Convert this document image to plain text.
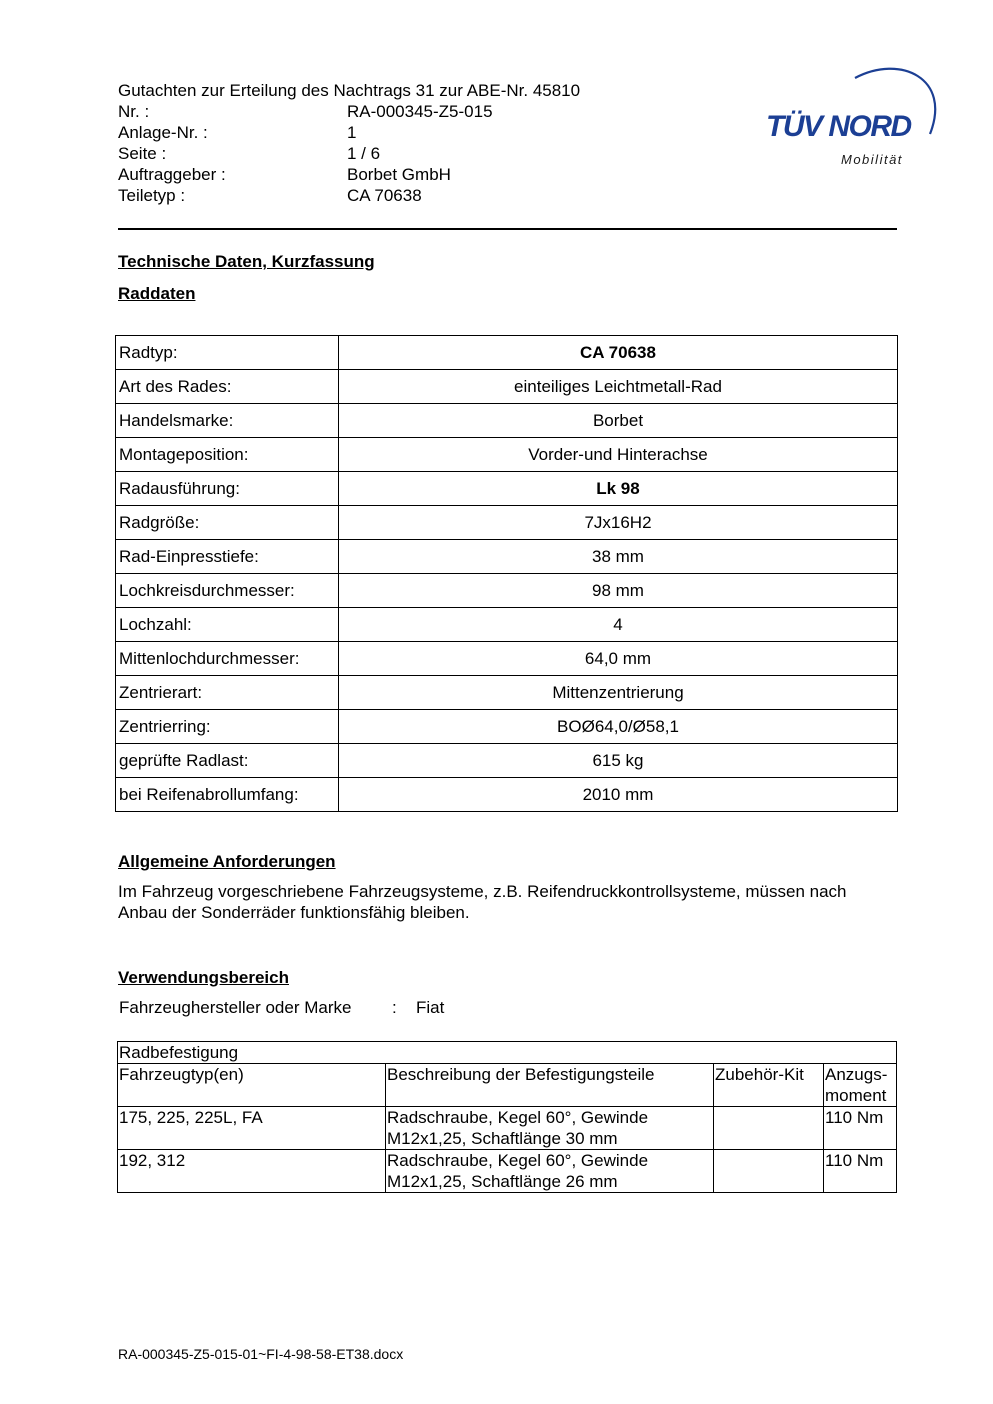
Gutachten zur Erteilung des Nachtrags 31 zur ABE-Nr. 45810
Nr. :	RA-000345-Z5-015
Anlage-Nr. :	1
Seite :	1 / 6
Auftraggeber :	Borbet GmbH
Teiletyp :	CA 70638
TÜV NORD
Mobilität
Technische Daten, Kurzfassung
Raddaten
Radtyp:	CA 70638
Art des Rades:	einteiliges Leichtmetall-Rad
Handelsmarke:	Borbet
Montageposition:	Vorder-und Hinterachse
Radausführung:	Lk 98
Radgröße:	7Jx16H2
Rad-Einpresstiefe:	38 mm
Lochkreisdurchmesser:	98 mm
Lochzahl:	4
Mittenlochdurchmesser:	64,0 mm
Zentrierart:	Mittenzentrierung
Zentrierring:	BOØ64,0/Ø58,1
geprüfte Radlast:	615 kg
bei Reifenabrollumfang:	2010 mm
Allgemeine Anforderungen
Im Fahrzeug vorgeschriebene Fahrzeugsysteme, z.B. Reifendruckkontrollsysteme, müssen nach Anbau der Sonderräder funktionsfähig bleiben.
Verwendungsbereich
Fahrzeughersteller oder Marke : Fiat
Radbefestigung			
Fahrzeugtyp(en)	Beschreibung der Befestigungsteile	Zubehör-Kit	Anzugs-moment
175, 225, 225L, FA	Radschraube, Kegel 60°, Gewinde M12x1,25, Schaftlänge 30 mm		110 Nm
192, 312	Radschraube, Kegel 60°, Gewinde M12x1,25, Schaftlänge 26 mm		110 Nm
RA-000345-Z5-015-01~FI-4-98-58-ET38.docx
